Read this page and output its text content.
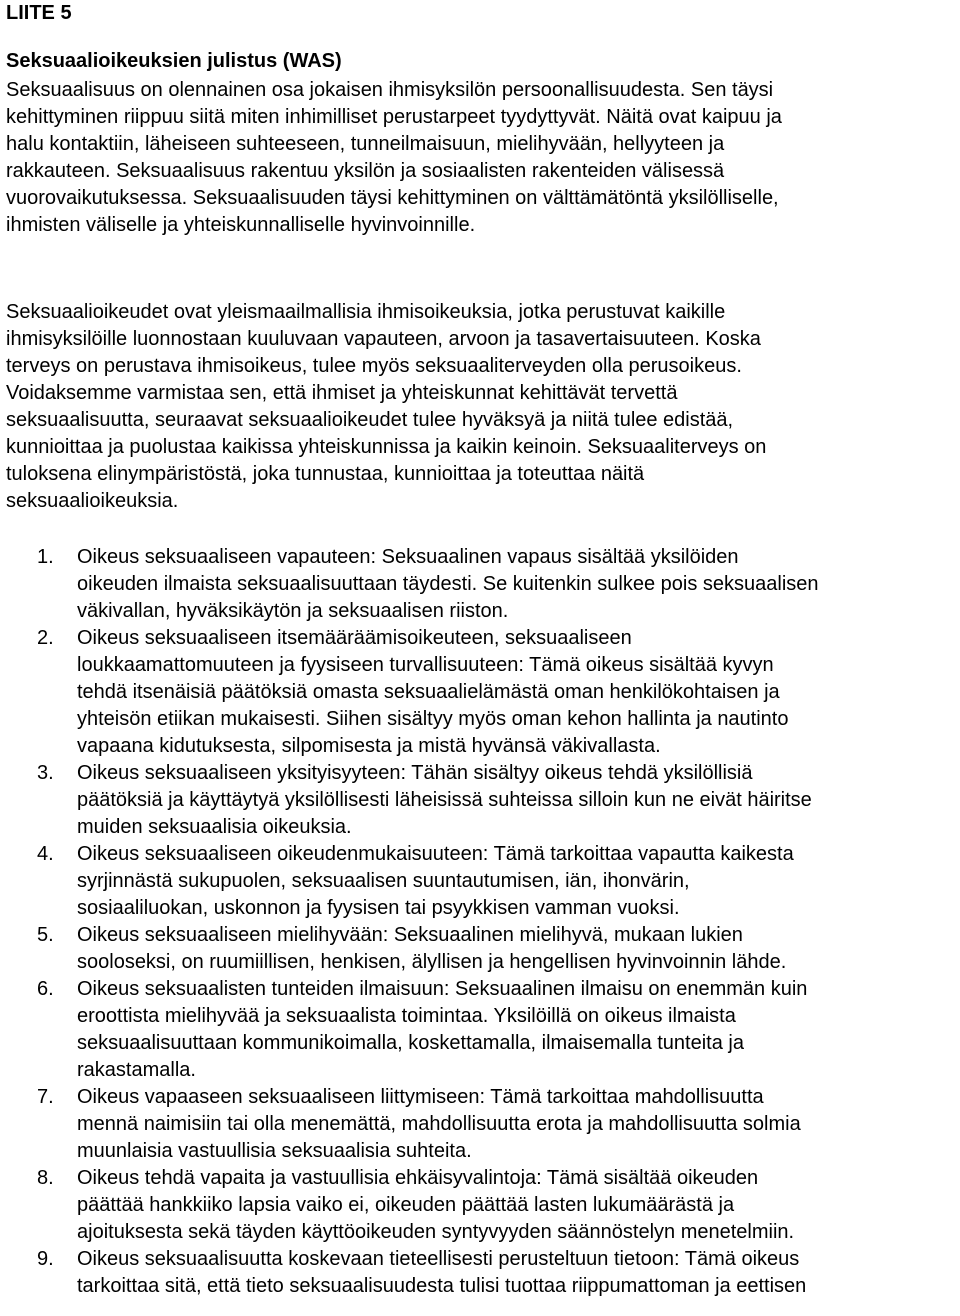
LIITE 5

Seksuaalioikeuksien julistus (WAS)

Seksuaalisuus on olennainen osa jokaisen ihmisyksilön persoonallisuudesta. Sen täysi
kehittyminen riippuu siitä miten inhimilliset perustarpeet tyydyttyvät. Näitä ovat kaipuu ja
halu kontaktiin, läheiseen suhteeseen, tunneilmaisuun, mielihyvään, hellyyteen ja
rakkauteen. Seksuaalisuus rakentuu yksilön ja sosiaalisten rakenteiden välisessä
vuorovaikutuksessa. Seksuaalisuuden täysi kehittyminen on välttämätöntä yksilölliselle,
ihmisten väliselle ja yhteiskunnalliselle hyvinvoinnille.

Seksuaalioikeudet ovat yleismaailmallisia ihmisoikeuksia, jotka perustuvat kaikille
ihmisyksilöille luonnostaan kuuluvaan vapauteen, arvoon ja tasavertaisuuteen. Koska
terveys on perustava ihmisoikeus, tulee myös seksuaaliterveyden olla perusoikeus.
Voidaksemme varmistaa sen, että ihmiset ja yhteiskunnat kehittävät tervettä
seksuaalisuutta, seuraavat seksuaalioikeudet tulee hyväksyä ja niitä tulee edistää,
kunnioittaa ja puolustaa kaikissa yhteiskunnissa ja kaikin keinoin. Seksuaaliterveys on
tuloksena elinympäristöstä, joka tunnustaa, kunnioittaa ja toteuttaa näitä
seksuaalioikeuksia.

1. Oikeus seksuaaliseen vapauteen: Seksuaalinen vapaus sisältää yksilöiden
oikeuden ilmaista seksuaalisuuttaan täydesti. Se kuitenkin sulkee pois seksuaalisen
väkivallan, hyväksikäytön ja seksuaalisen riiston.
2. Oikeus seksuaaliseen itsemääräämisoikeuteen, seksuaaliseen
loukkaamattomuuteen ja fyysiseen turvallisuuteen: Tämä oikeus sisältää kyvyn
tehdä itsenäisiä päätöksiä omasta seksuaalielämästä oman henkilökohtaisen ja
yhteisön etiikan mukaisesti. Siihen sisältyy myös oman kehon hallinta ja nautinto
vapaana kidutuksesta, silpomisesta ja mistä hyvänsä väkivallasta.
3. Oikeus seksuaaliseen yksityisyyteen: Tähän sisältyy oikeus tehdä yksilöllisiä
päätöksiä ja käyttäytyä yksilöllisesti läheisissä suhteissa silloin kun ne eivät häiritse
muiden seksuaalisia oikeuksia.
4. Oikeus seksuaaliseen oikeudenmukaisuuteen: Tämä tarkoittaa vapautta kaikesta
syrjinnästä sukupuolen, seksuaalisen suuntautumisen, iän, ihonvärin,
sosiaaliluokan, uskonnon ja fyysisen tai psyykkisen vamman vuoksi.
5. Oikeus seksuaaliseen mielihyvään: Seksuaalinen mielihyvä, mukaan lukien
sooloseksi, on ruumiillisen, henkisen, älyllisen ja hengellisen hyvinvoinnin lähde.
6. Oikeus seksuaalisten tunteiden ilmaisuun: Seksuaalinen ilmaisu on enemmän kuin
eroottista mielihyvää ja seksuaalista toimintaa. Yksilöillä on oikeus ilmaista
seksuaalisuuttaan kommunikoimalla, koskettamalla, ilmaisemalla tunteita ja
rakastamalla.
7. Oikeus vapaaseen seksuaaliseen liittymiseen: Tämä tarkoittaa mahdollisuutta
mennä naimisiin tai olla menemättä, mahdollisuutta erota ja mahdollisuutta solmia
muunlaisia vastuullisia seksuaalisia suhteita.
8. Oikeus tehdä vapaita ja vastuullisia ehkäisyvalintoja: Tämä sisältää oikeuden
päättää hankkiiko lapsia vaiko ei, oikeuden päättää lasten lukumäärästä ja
ajoituksesta sekä täyden käyttöoikeuden syntyvyyden säännöstelyn menetelmiin.
9. Oikeus seksuaalisuutta koskevaan tieteellisesti perusteltuun tietoon: Tämä oikeus
tarkoittaa sitä, että tieto seksuaalisuudesta tulisi tuottaa riippumattoman ja eettisen
